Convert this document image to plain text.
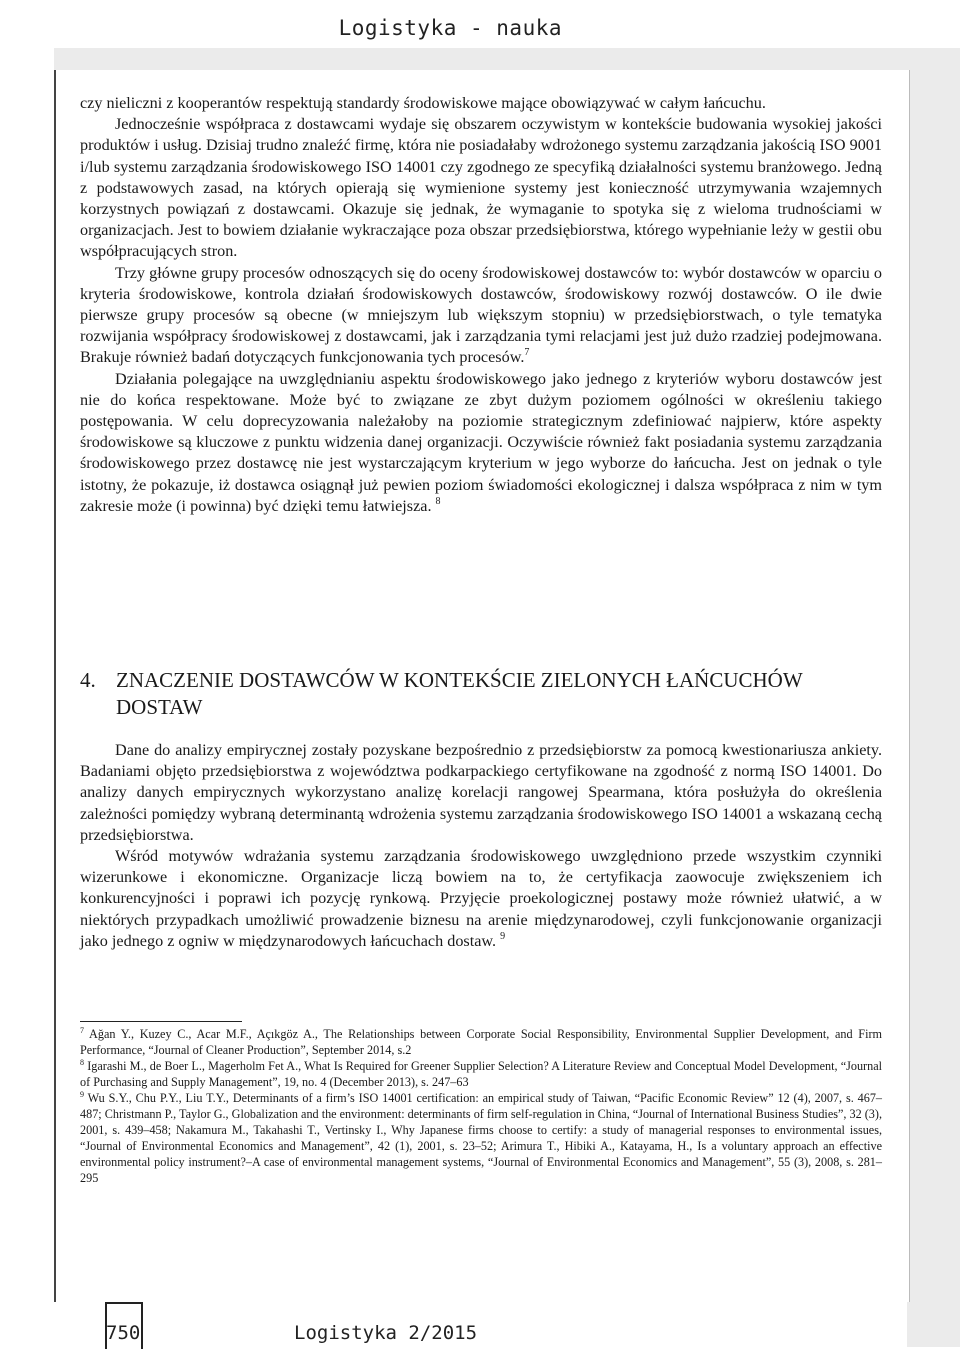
Logistyka - nauka

czy nieliczni z kooperantów respektują standardy środowiskowe mające obowiązywać w całym łańcuchu.

Jednocześnie współpraca z dostawcami wydaje się obszarem oczywistym w kontekście budowania wysokiej jakości produktów i usług. Dzisiaj trudno znaleźć firmę, która nie posiadałaby wdrożonego systemu zarządzania jakością ISO 9001 i/lub systemu zarządzania środowiskowego ISO 14001 czy zgodnego ze specyfiką działalności systemu branżowego. Jedną z podstawowych zasad, na których opierają się wymienione systemy jest konieczność utrzymywania wzajemnych korzystnych powiązań z dostawcami. Okazuje się jednak, że wymaganie to spotyka się z wieloma trudnościami w organizacjach. Jest to bowiem działanie wykraczające poza obszar przedsiębiorstwa, którego wypełnianie leży w gestii obu współpracujących stron.

Trzy główne grupy procesów odnoszących się do oceny środowiskowej dostawców to: wybór dostawców w oparciu o kryteria środowiskowe, kontrola działań środowiskowych dostawców, środowiskowy rozwój dostawców. O ile dwie pierwsze grupy procesów są obecne (w mniejszym lub większym stopniu) w przedsiębiorstwach, o tyle tematyka rozwijania współpracy środowiskowej z dostawcami, jak i zarządzania tymi relacjami jest już dużo rzadziej podejmowana. Brakuje również badań dotyczących funkcjonowania tych procesów.$^7$

Działania polegające na uwzględnianiu aspektu środowiskowego jako jednego z kryteriów wyboru dostawców jest nie do końca respektowane. Może być to związane ze zbyt dużym poziomem ogólności w określeniu takiego postępowania. W celu doprecyzowania należałoby na poziomie strategicznym zdefiniować najpierw, które aspekty środowiskowe są kluczowe z punktu widzenia danej organizacji. Oczywiście również fakt posiadania systemu zarządzania środowiskowego przez dostawcę nie jest wystarczającym kryterium w jego wyborze do łańcucha. Jest on jednak o tyle istotny, że pokazuje, iż dostawca osiągnął już pewien poziom świadomości ekologicznej i dalsza współpraca z nim w tym zakresie może (i powinna) być dzięki temu łatwiejsza. $^8$

4. ZNACZENIE DOSTAWCÓW W KONTEKŚCIE ZIELONYCH ŁAŃCUCHÓW
DOSTAW

Dane do analizy empirycznej zostały pozyskane bezpośrednio z przedsiębiorstw za pomocą kwestionariusza ankiety. Badaniami objęto przedsiębiorstwa z województwa podkarpackiego certyfikowane na zgodność z normą ISO 14001. Do analizy danych empirycznych wykorzystano analizę korelacji rangowej Spearmana, która posłużyła do określenia zależności pomiędzy wybraną determinantą wdrożenia systemu zarządzania środowiskowego ISO 14001 a wskazaną cechą przedsiębiorstwa.

Wśród motywów wdrażania systemu zarządzania środowiskowego uwzględniono przede wszystkim czynniki wizerunkowe i ekonomiczne. Organizacje liczą bowiem na to, że certyfikacja zaowocuje zwiększeniem ich konkurencyjności i poprawi ich pozycję rynkową. Przyjęcie proekologicznej postawy może również ułatwić, a w niektórych przypadkach umożliwić prowadzenie biznesu na arenie międzynarodowej, czyli funkcjonowanie organizacji jako jednego z ogniw w międzynarodowych łańcuchach dostaw. $^9$

$^7$ Ağan Y., Kuzey C., Acar M.F., Açıkgöz A., The Relationships between Corporate Social Responsibility, Environmental Supplier Development, and Firm Performance, “Journal of Cleaner Production”, September 2014, s.2

$^8$ Igarashi M., de Boer L., Magerholm Fet A., What Is Required for Greener Supplier Selection? A Literature Review and Conceptual Model Development, “Journal of Purchasing and Supply Management”, 19, no. 4 (December 2013), s. 247–63

$^9$ Wu S.Y., Chu P.Y., Liu T.Y., Determinants of a firm’s ISO 14001 certification: an empirical study of Taiwan, “Pacific Economic Review” 12 (4), 2007, s. 467–487; Christmann P., Taylor G., Globalization and the environment: determinants of firm self-regulation in China, “Journal of International Business Studies”, 32 (3), 2001, s. 439–458; Nakamura M., Takahashi T., Vertinsky I., Why Japanese firms choose to certify: a study of managerial responses to environmental issues, “Journal of Environmental Economics and Management”, 42 (1), 2001, s. 23–52; Arimura T., Hibiki A., Katayama, H., Is a voluntary approach an effective environmental policy instrument?–A case of environmental management systems, “Journal of Environmental Economics and Management”, 55 (3), 2008, s. 281–295

750	Logistyka 2/2015
